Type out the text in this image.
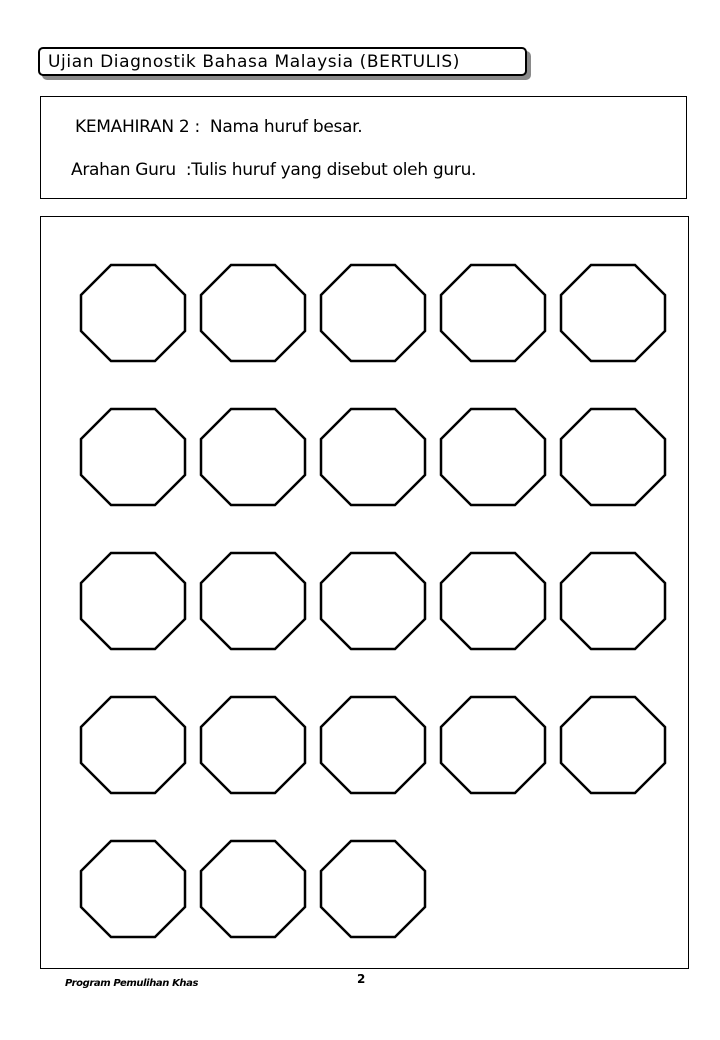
Ujian Diagnostik Bahasa Malaysia (BERTULIS)
KEMAHIRAN 2 : Nama huruf besar.
Arahan Guru :Tulis huruf yang disebut oleh guru.
Program Pemulihan Khas	2
